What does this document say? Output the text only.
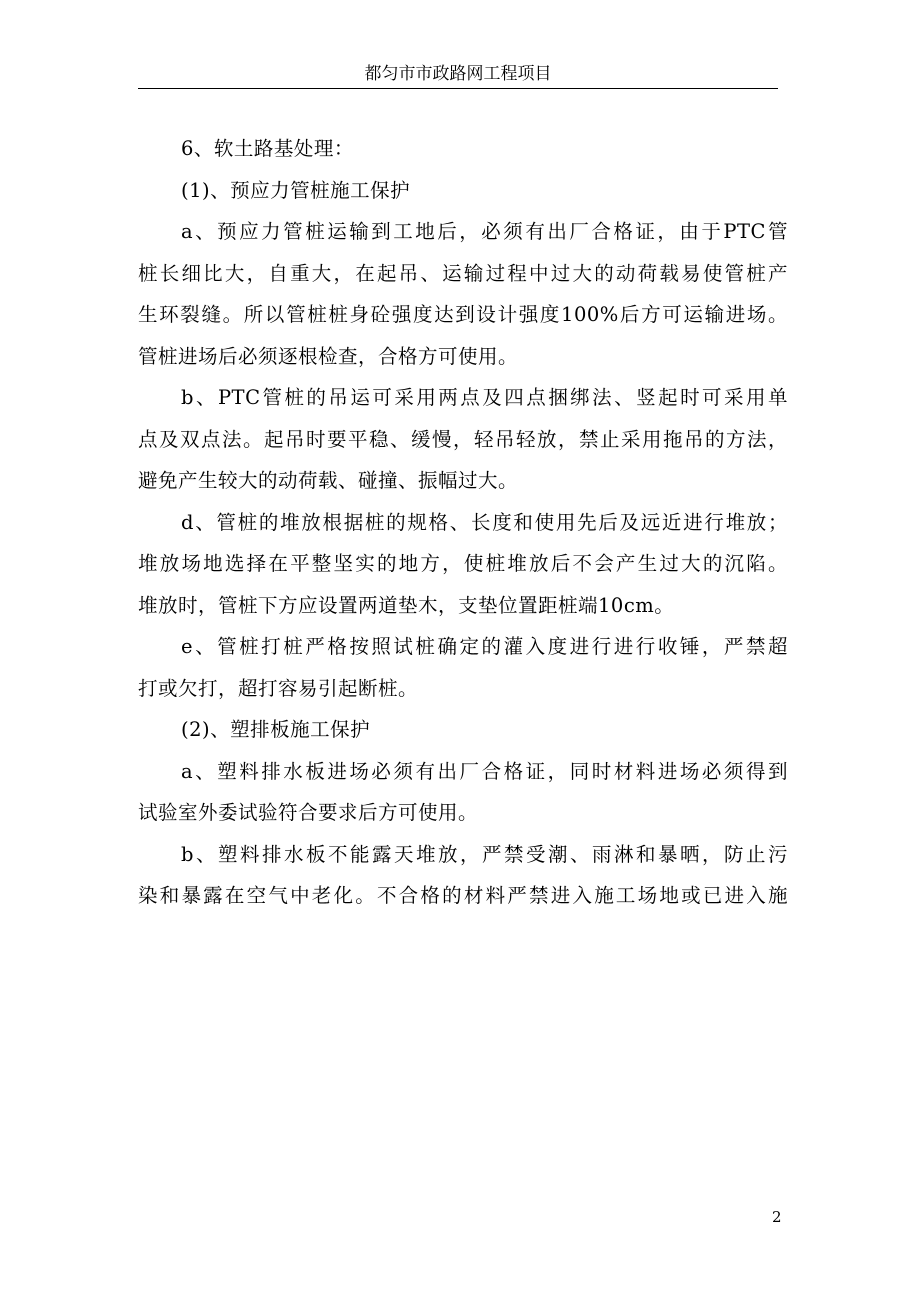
都匀市市政路网工程项目
6、软土路基处理：
(1)、预应力管桩施工保护
a、预应力管桩运输到工地后，必须有出厂合格证，由于PTC管
桩长细比大，自重大，在起吊、运输过程中过大的动荷载易使管桩产
生环裂缝。所以管桩桩身砼强度达到设计强度100%后方可运输进场。
管桩进场后必须逐根检查，合格方可使用。
b、PTC管桩的吊运可采用两点及四点捆绑法、竖起时可采用单
点及双点法。起吊时要平稳、缓慢，轻吊轻放，禁止采用拖吊的方法，
避免产生较大的动荷载、碰撞、振幅过大。
d、管桩的堆放根据桩的规格、长度和使用先后及远近进行堆放；
堆放场地选择在平整坚实的地方，使桩堆放后不会产生过大的沉陷。
堆放时，管桩下方应设置两道垫木，支垫位置距桩端10cm。
e、管桩打桩严格按照试桩确定的灌入度进行进行收锤，严禁超
打或欠打，超打容易引起断桩。
(2)、塑排板施工保护
a、塑料排水板进场必须有出厂合格证，同时材料进场必须得到
试验室外委试验符合要求后方可使用。
b、塑料排水板不能露天堆放，严禁受潮、雨淋和暴晒，防止污
染和暴露在空气中老化。不合格的材料严禁进入施工场地或已进入施
2
